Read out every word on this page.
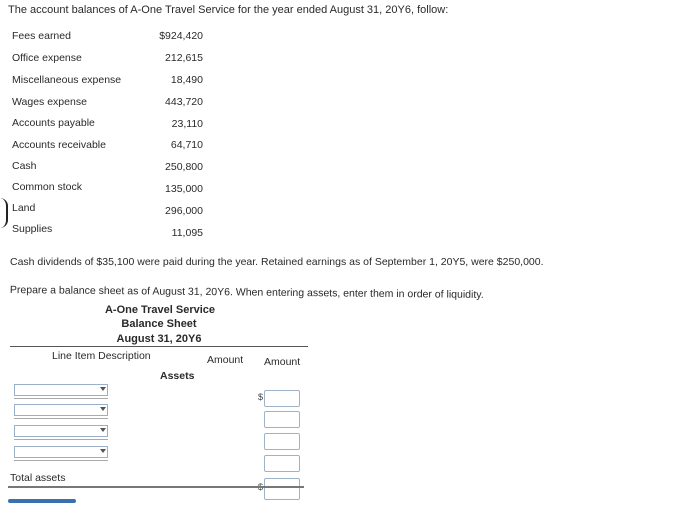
The account balances of A-One Travel Service for the year ended August 31, 20Y6, follow:
Fees earned	$924,420
Office expense	212,615
Miscellaneous expense	18,490
Wages expense	443,720
Accounts payable	23,110
Accounts receivable	64,710
Cash	250,800
Common stock	135,000
Land	296,000
Supplies	11,095
Cash dividends of $35,100 were paid during the year. Retained earnings as of September 1, 20Y5, were $250,000.
Prepare a balance sheet as of August 31, 20Y6. When entering assets, enter them in order of liquidity.
A-One Travel Service
Balance Sheet
August 31, 20Y6
Line Item Description	Amount Amount
Assets
$
Total assets
$
